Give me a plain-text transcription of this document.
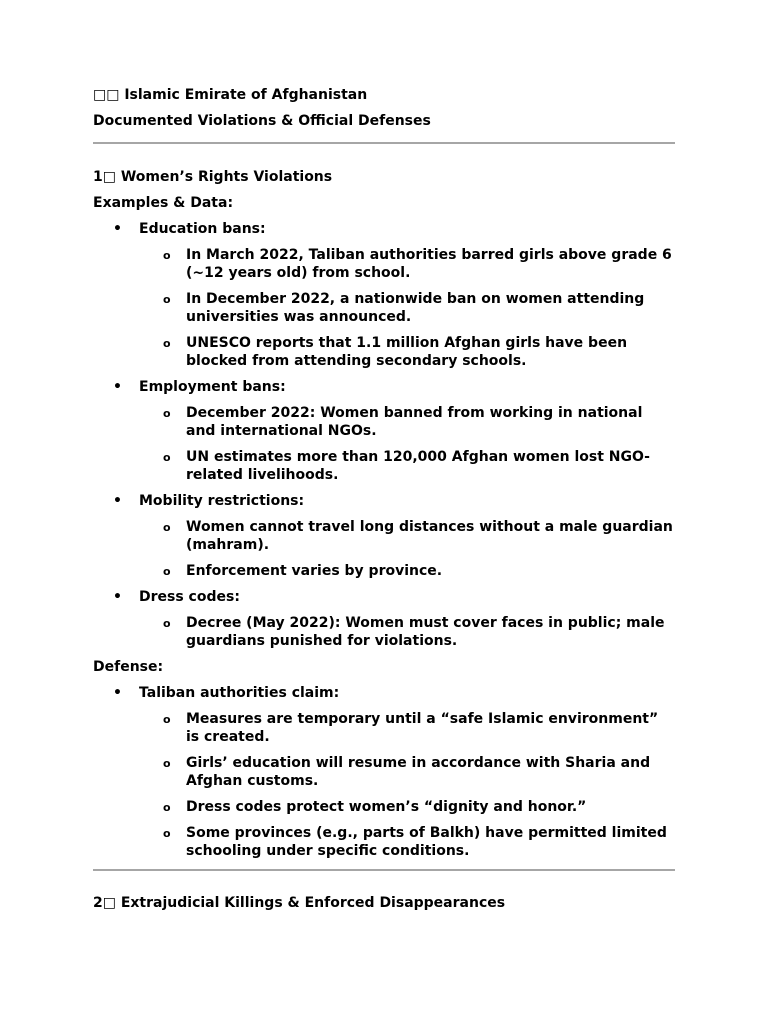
□□ Islamic Emirate of Afghanistan
Documented Violations & Official Defenses
1□ Women’s Rights Violations
Examples & Data:
• Education bans:
o In March 2022, Taliban authorities barred girls above grade 6 (~12 years old) from school.
o In December 2022, a nationwide ban on women attending universities was announced.
o UNESCO reports that 1.1 million Afghan girls have been blocked from attending secondary schools.
• Employment bans:
o December 2022: Women banned from working in national and international NGOs.
o UN estimates more than 120,000 Afghan women lost NGO-related livelihoods.
• Mobility restrictions:
o Women cannot travel long distances without a male guardian (mahram).
o Enforcement varies by province.
• Dress codes:
o Decree (May 2022): Women must cover faces in public; male guardians punished for violations.
Defense:
• Taliban authorities claim:
o Measures are temporary until a “safe Islamic environment” is created.
o Girls’ education will resume in accordance with Sharia and Afghan customs.
o Dress codes protect women’s “dignity and honor.”
o Some provinces (e.g., parts of Balkh) have permitted limited schooling under specific conditions.
2□ Extrajudicial Killings & Enforced Disappearances
